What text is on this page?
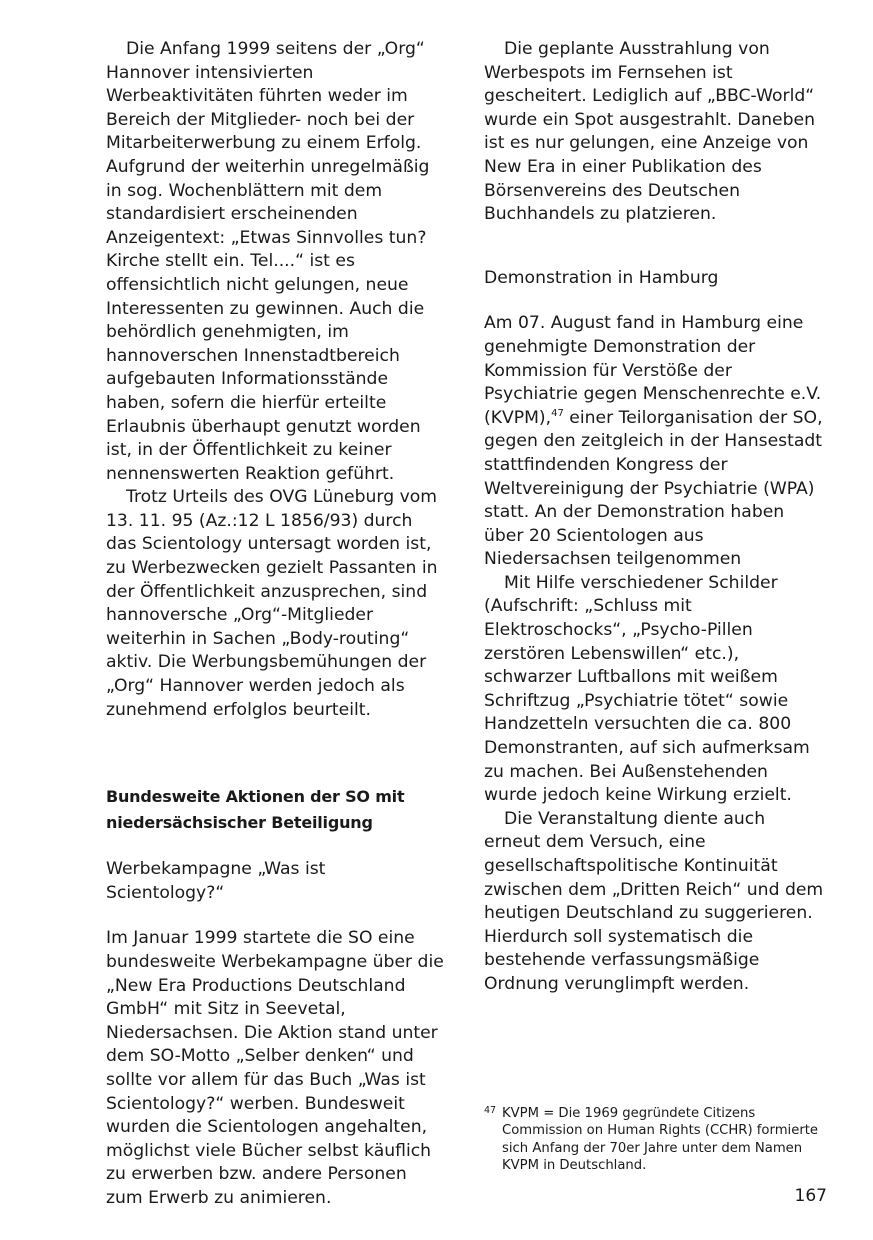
Die Anfang 1999 seitens der „Org“ Hannover intensivierten Werbeaktivitäten führten weder im Bereich der Mitglieder- noch bei der Mitarbeiterwerbung zu einem Erfolg. Aufgrund der weiterhin unregelmäßig in sog. Wochenblättern mit dem standardisiert erscheinenden Anzeigentext: „Etwas Sinnvolles tun? Kirche stellt ein. Tel....“ ist es offensichtlich nicht gelungen, neue Interessenten zu gewinnen. Auch die behördlich genehmigten, im hannoverschen Innenstadtbereich aufgebauten Informationsstände haben, sofern die hierfür erteilte Erlaubnis überhaupt genutzt worden ist, in der Öffentlichkeit zu keiner nennenswerten Reaktion geführt.

Trotz Urteils des OVG Lüneburg vom 13. 11. 95 (Az.:12 L 1856/93) durch das Scientology untersagt worden ist, zu Werbezwecken gezielt Passanten in der Öffentlichkeit anzusprechen, sind hannoversche „Org“-Mitglieder weiterhin in Sachen „Body-routing“ aktiv. Die Werbungsbemühungen der „Org“ Hannover werden jedoch als zunehmend erfolglos beurteilt.

Bundesweite Aktionen der SO mit niedersächsischer Beteiligung

Werbekampagne „Was ist Scientology?“

Im Januar 1999 startete die SO eine bundesweite Werbekampagne über die „New Era Productions Deutschland GmbH“ mit Sitz in Seevetal, Niedersachsen. Die Aktion stand unter dem SO-Motto „Selber denken“ und sollte vor allem für das Buch „Was ist Scientology?“ werben. Bundesweit wurden die Scientologen angehalten, möglichst viele Bücher selbst käuflich zu erwerben bzw. andere Personen zum Erwerb zu animieren.

Die geplante Ausstrahlung von Werbespots im Fernsehen ist gescheitert. Lediglich auf „BBC-World“ wurde ein Spot ausgestrahlt. Daneben ist es nur gelungen, eine Anzeige von New Era in einer Publikation des Börsenvereins des Deutschen Buchhandels zu platzieren.

Demonstration in Hamburg

Am 07. August fand in Hamburg eine genehmigte Demonstration der Kommission für Verstöße der Psychiatrie gegen Menschenrechte e.V. (KVPM),$^{47}$ einer Teilorganisation der SO, gegen den zeitgleich in der Hansestadt stattfindenden Kongress der Weltvereinigung der Psychiatrie (WPA) statt. An der Demonstration haben über 20 Scientologen aus Niedersachsen teilgenommen

Mit Hilfe verschiedener Schilder (Aufschrift: „Schluss mit Elektroschocks“, „Psycho-Pillen zerstören Lebenswillen“ etc.), schwarzer Luftballons mit weißem Schriftzug „Psychiatrie tötet“ sowie Handzetteln versuchten die ca. 800 Demonstranten, auf sich aufmerksam zu machen. Bei Außenstehenden wurde jedoch keine Wirkung erzielt.

Die Veranstaltung diente auch erneut dem Versuch, eine gesellschaftspolitische Kontinuität zwischen dem „Dritten Reich“ und dem heutigen Deutschland zu suggerieren. Hierdurch soll systematisch die bestehende verfassungsmäßige Ordnung verunglimpft werden.

47 KVPM = Die 1969 gegründete Citizens Commission on Human Rights (CCHR) formierte sich Anfang der 70er Jahre unter dem Namen KVPM in Deutschland.

167
